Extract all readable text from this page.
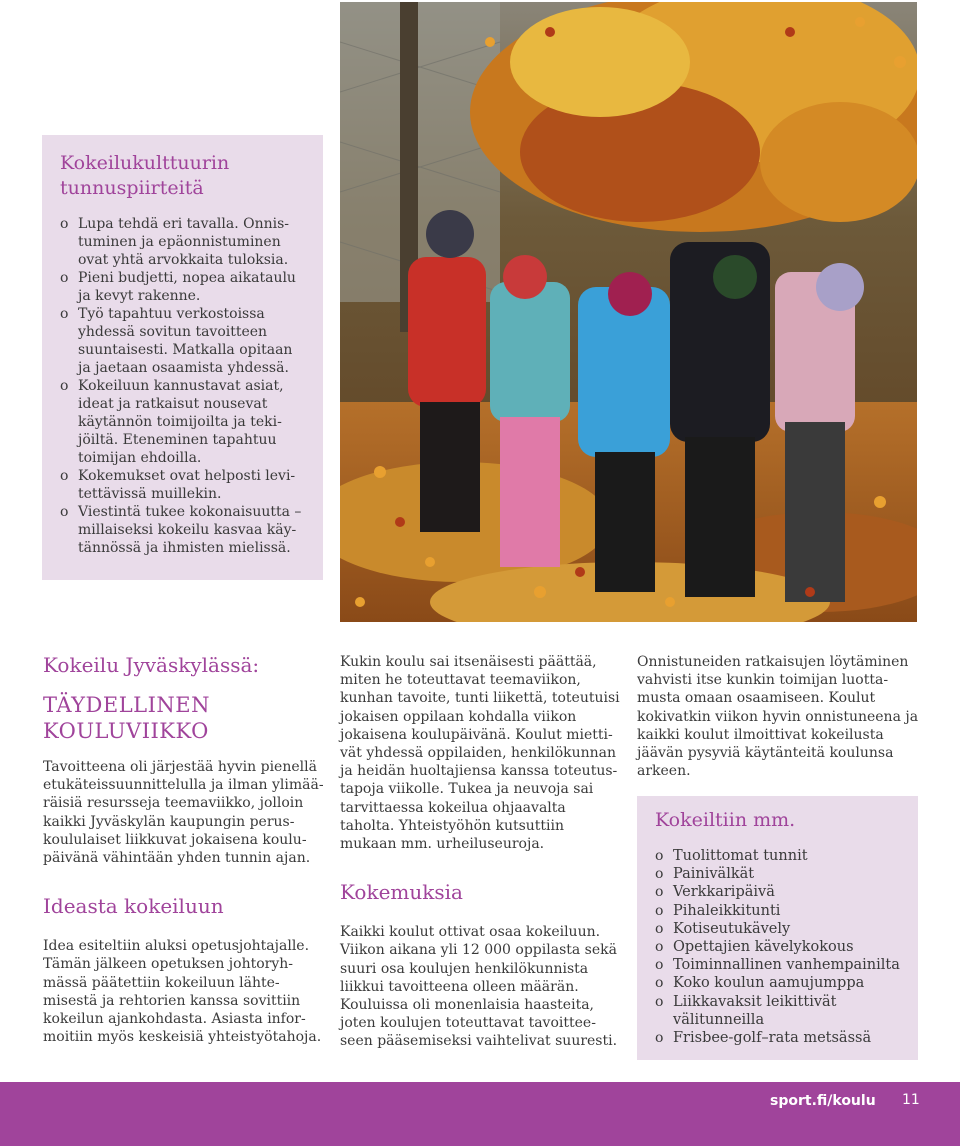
Kokeilukulttuurin tunnuspiirteitä
o Lupa tehdä eri tavalla. Onnistuminen ja epäonnistuminen ovat yhtä arvokkaita tuloksia.
o Pieni budjetti, nopea aikataulu ja kevyt rakenne.
o Työ tapahtuu verkostoissa yhdessä sovitun tavoitteen suuntaisesti. Matkalla opitaan ja jaetaan osaamista yhdessä.
o Kokeiluun kannustavat asiat, ideat ja ratkaisut nousevat käytännön toimijoilta ja tekijöiltä. Eteneminen tapahtuu toimijan ehdoilla.
o Kokemukset ovat helposti levitettävissä muillekin.
o Viestintä tukee kokonaisuutta – millaiseksi kokeilu kasvaa käytännössä ja ihmisten mielissä.
Kokeilu Jyväskylässä:
TÄYDELLINEN KOULUVIIKKO

Tavoitteena oli järjestää hyvin pienellä etukäteissuunnittelulla ja ilman ylimääräisiä resursseja teemaviikko, jolloin kaikki Jyväskylän kaupungin peruskoululaiset liikkuvat jokaisena koulupäivänä vähintään yhden tunnin ajan.

Ideasta kokeiluun

Idea esiteltiin aluksi opetusjohtajalle. Tämän jälkeen opetuksen johtoryhmässä päätettiin kokeiluun lähtemisestä ja rehtorien kanssa sovittiin kokeilun ajankohdasta. Asiasta informoitiin myös keskeisiä yhteistyötahoja.

Kukin koulu sai itsenäisesti päättää, miten he toteuttavat teemaviikon, kunhan tavoite, tunti liikettä, toteutuisi jokaisen oppilaan kohdalla viikon jokaisena koulupäivänä. Koulut miettivät yhdessä oppilaiden, henkilökunnan ja heidän huoltajiensa kanssa toteutustapoja viikolle. Tukea ja neuvoja sai tarvittaessa kokeilua ohjaavalta taholta. Yhteistyöhön kutsuttiin mukaan mm. urheiluseuroja.

Kokemuksia

Kaikki koulut ottivat osaa kokeiluun. Viikon aikana yli 12 000 oppilasta sekä suuri osa koulujen henkilökunnista liikkui tavoitteena olleen määrän. Kouluissa oli monenlaisia haasteita, joten koulujen toteuttavat tavoitteeseen pääsemiseksi vaihtelivat suuresti.

Onnistuneiden ratkaisujen löytäminen vahvisti itse kunkin toimijan luottamusta omaan osaamiseen. Koulut kokivatkin viikon hyvin onnistuneena ja kaikki koulut ilmoittivat kokeilusta jäävän pysyviä käytänteitä koulunsa arkeen.

Kokeiltiin mm.
o Tuolittomat tunnit
o Painivälkät
o Verkkaripäivä
o Pihaleikkitunti
o Kotiseutukävely
o Opettajien kävelykokous
o Toiminnallinen vanhempainilta
o Koko koulun aamujumppa
o Liikkavaksit leikittivät välitunneilla
o Frisbee-golf–rata metsässä
sport.fi/koulu 11
